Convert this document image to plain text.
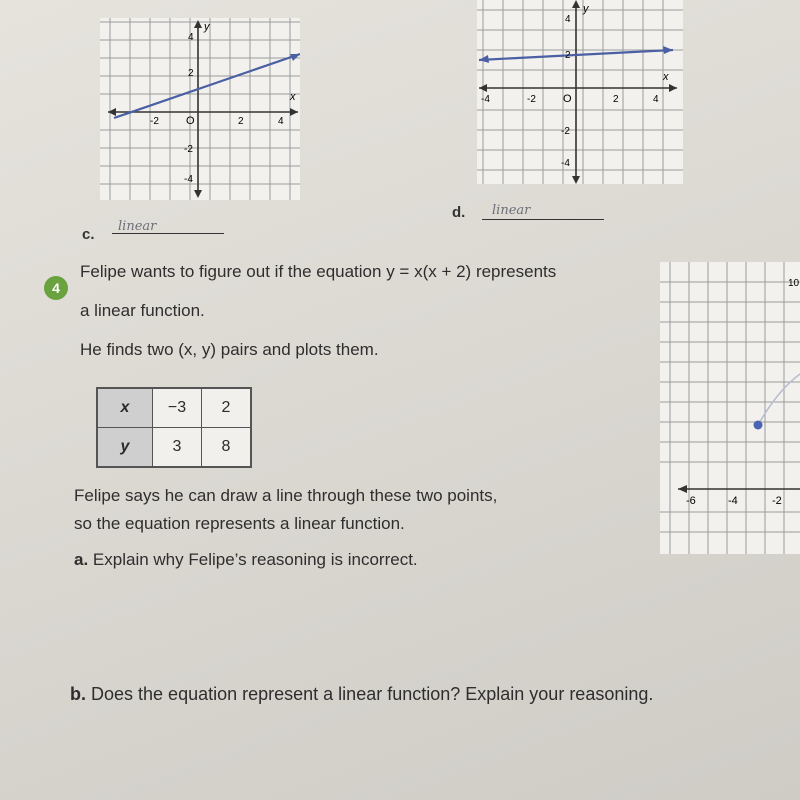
y
x
O
-2	2	4
4
2
-2
-4
y
x
O
-4	-2	2	4
4
2
-2
-4
10
-6	-4	-2
c. linear
d. linear
4
Felipe wants to figure out if the equation y = x(x + 2) represents
a linear function.
He finds two (x, y) pairs and plots them.
x	−3	2
y	3	8
Felipe says he can draw a line through these two points,
so the equation represents a linear function.
a. Explain why Felipe’s reasoning is incorrect.
b. Does the equation represent a linear function? Explain your reasoning.
